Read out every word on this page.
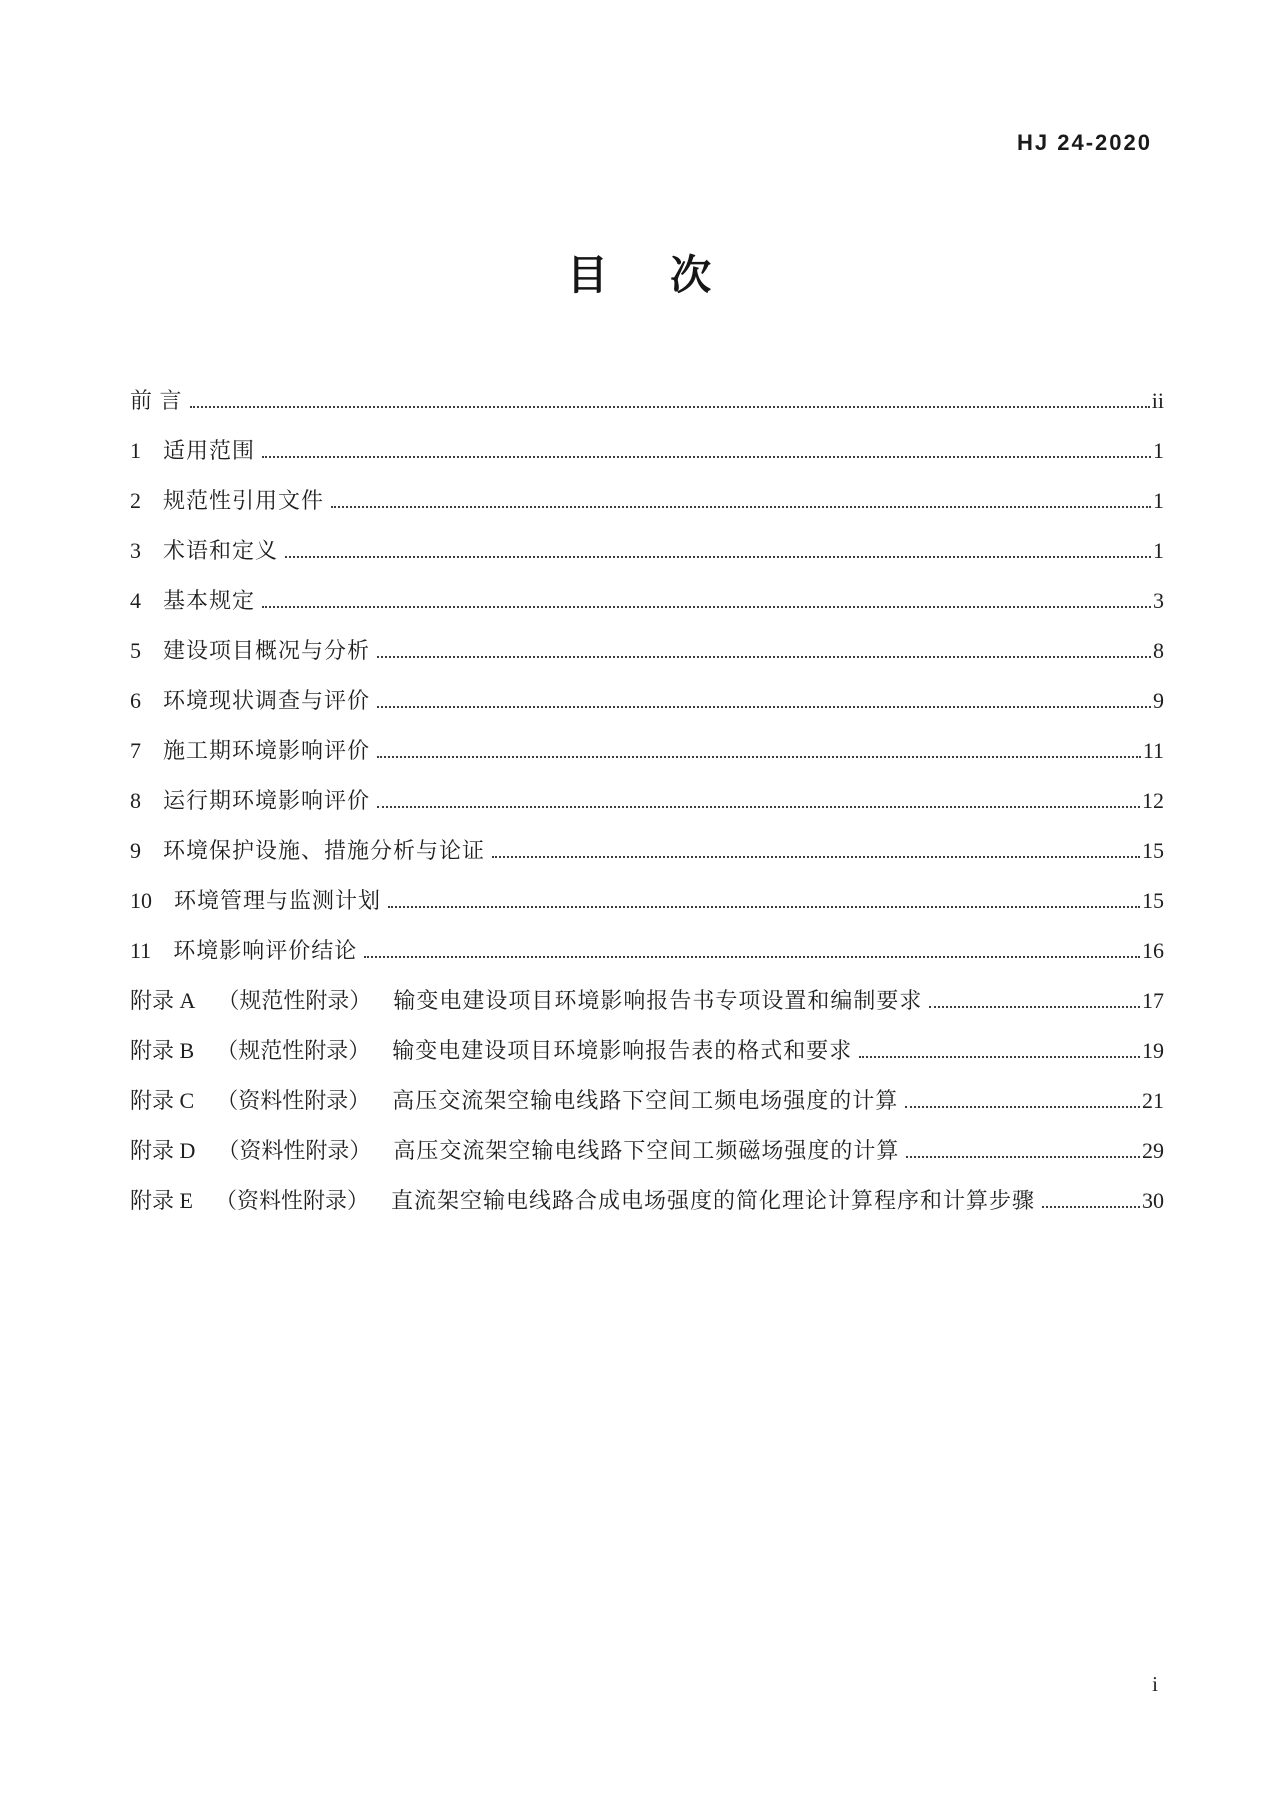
HJ 24-2020
目 次
前 言	ii
1 适用范围	1
2 规范性引用文件	1
3 术语和定义	1
4 基本规定	3
5 建设项目概况与分析	8
6 环境现状调查与评价	9
7 施工期环境影响评价	11
8 运行期环境影响评价	12
9 环境保护设施、措施分析与论证	15
10 环境管理与监测计划	15
11 环境影响评价结论	16
附录 A （规范性附录） 输变电建设项目环境影响报告书专项设置和编制要求	17
附录 B （规范性附录） 输变电建设项目环境影响报告表的格式和要求	19
附录 C （资料性附录） 高压交流架空输电线路下空间工频电场强度的计算	21
附录 D （资料性附录） 高压交流架空输电线路下空间工频磁场强度的计算	29
附录 E （资料性附录） 直流架空输电线路合成电场强度的简化理论计算程序和计算步骤	30
i
